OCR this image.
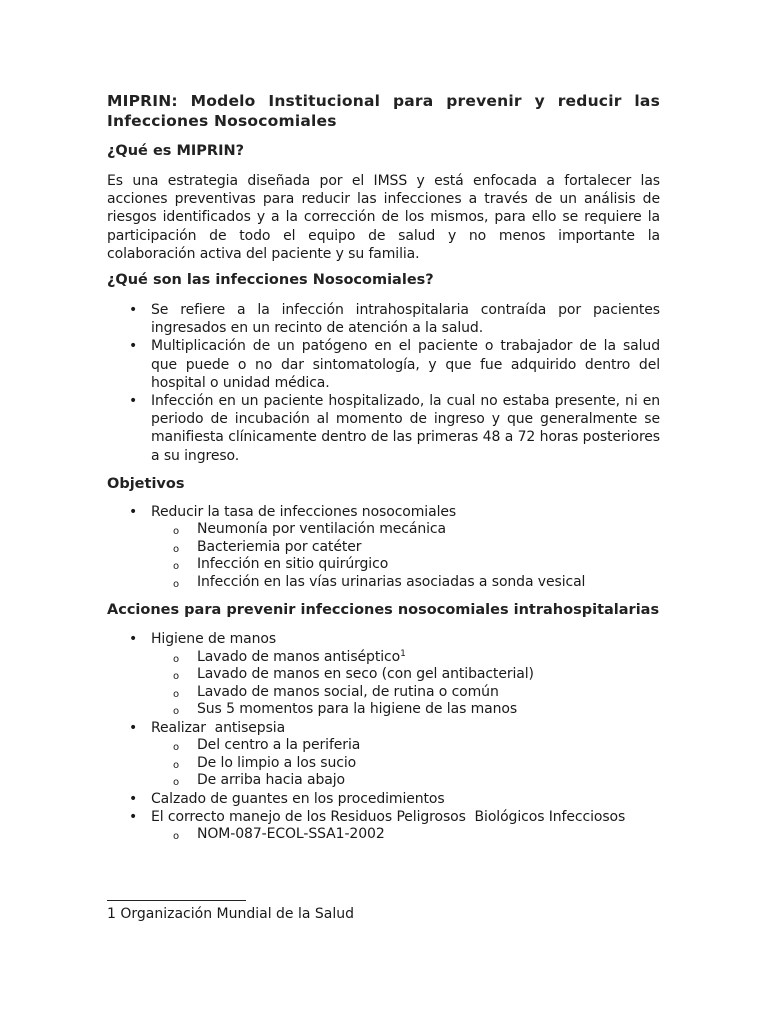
MIPRIN: Modelo Institucional para prevenir y reducir las
Infecciones Nosocomiales
¿Qué es MIPRIN?

Es una estrategia diseñada por el IMSS y está enfocada a fortalecer las acciones preventivas para reducir las infecciones a través de un análisis de riesgos identificados y a la corrección de los mismos, para ello se requiere la participación de todo el equipo de salud y no menos importante la colaboración activa del paciente y su familia.

¿Qué son las infecciones Nosocomiales?
• Se refiere a la infección intrahospitalaria contraída por pacientes ingresados en un recinto de atención a la salud.
• Multiplicación de un patógeno en el paciente o trabajador de la salud que puede o no dar sintomatología, y que fue adquirido dentro del hospital o unidad médica.
• Infección en un paciente hospitalizado, la cual no estaba presente, ni en periodo de incubación al momento de ingreso y que generalmente se manifiesta clínicamente dentro de las primeras 48 a 72 horas posteriores a su ingreso.
Objetivos
• Reducir la tasa de infecciones nosocomiales
o Neumonía por ventilación mecánica
o Bacteriemia por catéter
o Infección en sitio quirúrgico
o Infección en las vías urinarias asociadas a sonda vesical
Acciones para prevenir infecciones nosocomiales intrahospitalarias
• Higiene de manos
o Lavado de manos antiséptico$^1$
o Lavado de manos en seco (con gel antibacterial)
o Lavado de manos social, de rutina o común
o Sus 5 momentos para la higiene de las manos
• Realizar  antisepsia
o Del centro a la periferia
o De lo limpio a los sucio
o De arriba hacia abajo
• Calzado de guantes en los procedimientos
• El correcto manejo de los Residuos Peligrosos  Biológicos Infecciosos
o NOM-087-ECOL-SSA1-2002
1 Organización Mundial de la Salud
